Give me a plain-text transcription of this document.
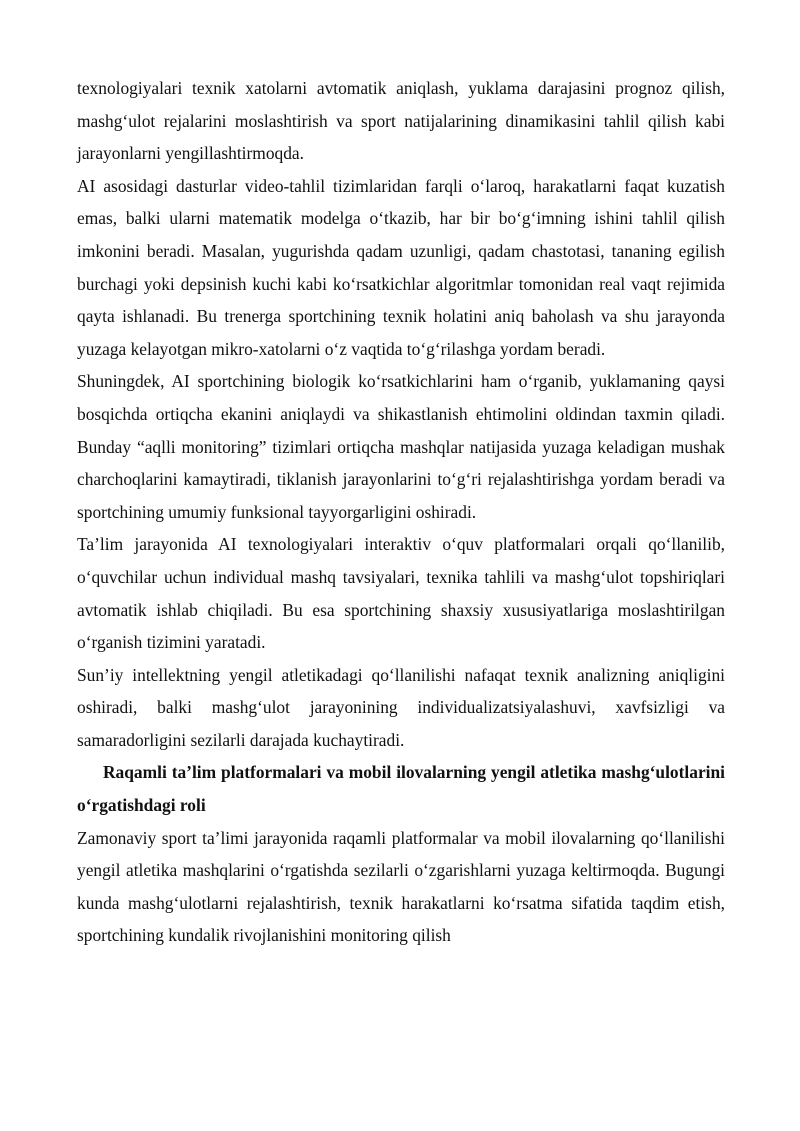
texnologiyalari texnik xatolarni avtomatik aniqlash, yuklama darajasini prognoz qilish, mashg‘ulot rejalarini moslashtirish va sport natijalarining dinamikasini tahlil qilish kabi jarayonlarni yengillashtirmoqda.

AI asosidagi dasturlar video-tahlil tizimlaridan farqli o‘laroq, harakatlarni faqat kuzatish emas, balki ularni matematik modelga o‘tkazib, har bir bo‘g‘imning ishini tahlil qilish imkonini beradi. Masalan, yugurishda qadam uzunligi, qadam chastotasi, tananing egilish burchagi yoki depsinish kuchi kabi ko‘rsatkichlar algoritmlar tomonidan real vaqt rejimida qayta ishlanadi. Bu trenerga sportchining texnik holatini aniq baholash va shu jarayonda yuzaga kelayotgan mikro-xatolarni o‘z vaqtida to‘g‘rilashga yordam beradi.

Shuningdek, AI sportchining biologik ko‘rsatkichlarini ham o‘rganib, yuklamaning qaysi bosqichda ortiqcha ekanini aniqlaydi va shikastlanish ehtimolini oldindan taxmin qiladi. Bunday “aqlli monitoring” tizimlari ortiqcha mashqlar natijasida yuzaga keladigan mushak charchoqlarini kamaytiradi, tiklanish jarayonlarini to‘g‘ri rejalashtirishga yordam beradi va sportchining umumiy funksional tayyorgarligini oshiradi.

Ta’lim jarayonida AI texnologiyalari interaktiv o‘quv platformalari orqali qo‘llanilib, o‘quvchilar uchun individual mashq tavsiyalari, texnika tahlili va mashg‘ulot topshiriqlari avtomatik ishlab chiqiladi. Bu esa sportchining shaxsiy xususiyatlariga moslashtirilgan o‘rganish tizimini yaratadi.

Sun’iy intellektning yengil atletikadagi qo‘llanilishi nafaqat texnik analizning aniqligini oshiradi, balki mashg‘ulot jarayonining individualizatsiyalashuvi, xavfsizligi va samaradorligini sezilarli darajada kuchaytiradi.

Raqamli ta’lim platformalari va mobil ilovalarning yengil atletika mashg‘ulotlarini o‘rgatishdagi roli

Zamonaviy sport ta’limi jarayonida raqamli platformalar va mobil ilovalarning qo‘llanilishi yengil atletika mashqlarini o‘rgatishda sezilarli o‘zgarishlarni yuzaga keltirmoqda. Bugungi kunda mashg‘ulotlarni rejalashtirish, texnik harakatlarni ko‘rsatma sifatida taqdim etish, sportchining kundalik rivojlanishini monitoring qilish
